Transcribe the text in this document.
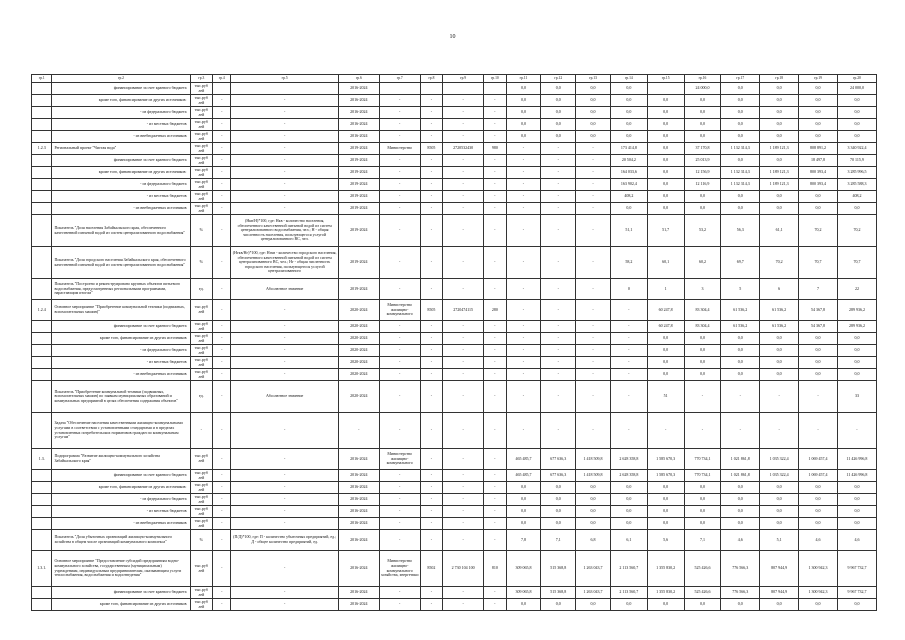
10
гр.1	гр.2	гр.3	гр.4	гр.5	гр.6	гр.7	гр.8	гр.9	гр.10	гр.11	гр.12	гр.13	гр.14	гр.15	гр.16	гр.17	гр.18	гр.19	гр.20
	финансирование за счет краевого бюджета	тыс.руб лей			2016-2024					0,0	0,0	0,0	0,0		24 000,0	0,0	0,0	0,0	24 000,0
	кроме того, финансирование из других источников:	тыс.руб лей	-	-	2016-2024	-	-	-	-	0,0	0,0	0,0	0,0	0,0	0,0	0,0	0,0	0,0	0,0
	- из федерального бюджета	тыс.руб лей	-	-	2016-2024	-	-	-	-	0,0	0,0	0,0	0,0	0,0	0,0	0,0	0,0	0,0	0,0
	- из местных бюджетов	тыс.руб лей	-	-	2016-2024	-	-	-	-	0,0	0,0	0,0	0,0	0,0	0,0	0,0	0,0	0,0	0,0
	- из внебюджетных источников	тыс.руб лей	-	-	2016-2024	-	-	-	-	0,0	0,0	0,0	0,0	0,0	0,0	0,0	0,0	0,0	0,0
1.2.3	Региональный проект "Чистая вода"	тыс.руб лей	-	-	2019-2024	Министерство	8505	2720532430	980	-	-	-	173 414,8	0,0	37 170,8	1 132 314,3	1 189 121,3	808 891,2	3 340 922,4
	финансирование за счет краевого бюджета	тыс.руб лей	-	-	2019-2024	-	-	-	-	-	-	-	20 504,2	0,0	25 013,9	0,0	0,0	18 497,8	70 115,9
	кроме того, финансирование из других источников:	тыс.руб лей	-	-	2019-2024	-	-	-	-	-	-	-	164 033,6	0,0	12 156,9	1 132 314,3	1 189 121,3	800 393,4	3 285 996,5
	- из федерального бюджета	тыс.руб лей	-	-	2019-2024	-	-	-	-	-	-	-	163 902,4	0,0	12 116,9	1 132 314,3	1 189 121,3	800 393,4	3 285 588,3
	- из местных бюджетов	тыс.руб лей	-	-	2019-2024	-	-	-	-	-	-	-	408,2	0,0	0,0	0,0	0,0	0,0	408,2
	- из внебюджетных источников	тыс.руб лей	-	-	2019-2024	-	-	-	-	-	-	-	0,0	0,0	0,0	0,0	0,0	0,0	0,0
	Показатель "Доля населения Забайкальского края, обеспеченного качественной питьевой водой из систем централизованного водоснабжения"	%	-	(Нкв/Н)*100, где: Нкв - количество населения, обеспеченного качественной питьевой водой из систем централизованного водоснабжения, чел.; Н - общая численность населения, пользующегося услугой централизованного ВС, чел.	2019-2024	-	-	-	-	-	-	-	51,1	51,7	53,2	56,3	61,1	70,2	70,2
	Показатель "Доля городского населения Забайкальского края, обеспеченного качественной питьевой водой из систем централизованного водоснабжения"	%	-	(Нгкв/Нг)*100, где: Нгкв - количество городского населения, обеспеченного качественной питьевой водой из систем централизованного ВС, чел.; Нг - общая численность городского населения, пользующегося услугой централизованного	2019-2024	-	-	-	-	-	-	-	58,2	60,1	60,2	69,7	70,2	70,7	70,7
	Показатель "Построено и реконструировано крупных объектов питьевого водоснабжения, предусмотренных региональными программами, нарастающим итогом"	ед.	-	Абсолютное значение	2019-2024	-	-	-	-	-	-	-	0	1	3	5	6	7	22
1.2.4	Основное мероприятие "Приобретение коммунальной техники (подвижных, вспомогательных машин)"	тыс.руб лей	-	-	2020-2024	Министерство жилищно-коммунального	8505	2720474115	280	-	-	-	-	60 247,8	83 304,4	61 536,2	61 536,2	54 367,8	289 936,2
	финансирование за счет краевого бюджета	тыс.руб лей	-	-	2020-2024	-	-	-	-	-	-	-	-	60 247,8	83 304,4	61 536,2	61 536,2	54 367,8	289 936,2
	кроме того, финансирование из других источников	тыс.руб лей	-	-	2020-2024	-	-	-	-	-	-	-	-	0,0	0,0	0,0	0,0	0,0	0,0
	- из федерального бюджета	тыс.руб лей	-	-	2020-2024	-	-	-	-	-	-	-	-	0,0	0,0	0,0	0,0	0,0	0,0
	- из местных бюджетов	тыс.руб лей	-	-	2020-2024	-	-	-	-	-	-	-	-	0,0	0,0	0,0	0,0	0,0	0,0
	- из внебюджетных источников	тыс.руб лей	-	-	2020-2024	-	-	-	-	-	-	-	-	0,0	0,0	0,0	0,0	0,0	0,0
	Показатель "Приобретение коммунальной техники (подвижных, вспомогательных машин) по заявкам муниципальных образований и коммунальных предприятий в целях обеспечения содержания объектов"	ед.	-	Абсолютное значение	2020-2024	-	-	-	-	-	-	-	-	51	-	-	-	-	33
	Задача "Обеспечение населения качественными жилищно-коммунальными услугами в соответствии с установленными стандартами и в пределах установленных потребительских нормативов граждан по коммунальным услугам"	-	-	-	-	-	-	-	-	-	-	-	-	-	-	-	-	-	-
1.3.	Подпрограмма "Развитие жилищно-коммунального хозяйства Забайкальского края"	тыс.руб лей	-	-	2016-2024	Министерство жилищно-коммунального	-	-	-	465 485,7	677 636,3	1 418 509,8	2 628 358,8	1 585 670,3	770 734,1	1 021 861,8	1 035 322,4	1 069 457,4	11 426 996,8
	финансирование за счет краевого бюджета	тыс.руб лей	-	-	2016-2024	-	-	-	-	465 485,7	677 636,3	1 418 509,8	2 628 358,8	1 585 670,3	770 734,1	1 021 861,8	1 035 322,4	1 069 457,4	11 426 996,8
	кроме того, финансирование из других источников:	тыс.руб лей	-	-	2016-2024	-	-	-	-	0,0	0,0	0,0	0,0	0,0	0,0	0,0	0,0	0,0	0,0
	- из федерального бюджета	тыс.руб лей	-	-	2016-2024	-	-	-	-	0,0	0,0	0,0	0,0	0,0	0,0	0,0	0,0	0,0	0,0
	- из местных бюджетов	тыс.руб лей	-	-	2016-2024	-	-	-	-	0,0	0,0	0,0	0,0	0,0	0,0	0,0	0,0	0,0	0,0
	- из внебюджетных источников	тыс.руб лей	-	-	2016-2024	-	-	-	-	0,0	0,0	0,0	0,0	0,0	0,0	0,0	0,0	0,0	0,0
	Показатель "Доля убыточных организаций жилищно-коммунального хозяйства в общем числе организаций коммунального комплекса"	%	-	(П/Д)*100, где: П - количество убыточных предприятий, ед.; Д - общее количество предприятий, ед.	2016-2024	-	-	-	-	7,8	7,1	6,8	6,1	5,6	7,1	4,6	5,1	4,6	4,6
1.3.1.	Основное мероприятие "Предоставление субсидий предприятиям водно-коммунального хозяйства, государственным (муниципальным) учреждениям, индивидуальным предпринимателям, оказывающим услуги теплоснабжения, водоснабжения и водоотведения"	тыс.руб лей	-	-	2016-2024	Министерство жилищно-коммунального хозяйства, энергетики	8502	2 730 104 100	810	309 065,8	515 368,8	1 263 043,7	2 113 560,7	1 355 830,2	525 426,6	776 566,3	807 944,9	1 300 942,3	9 967 732,7
	финансирование за счет краевого бюджета	тыс.руб лей	-	-	2016-2024	-	-	-	-	309 065,8	515 368,8	1 263 043,7	2 113 560,7	1 355 830,2	525 426,6	776 566,3	807 944,9	1 300 942,3	9 967 732,7
	кроме того, финансирование из других источников	тыс.руб лей	-	-	2016-2024	-	-	-	-	0,0	0,0	0,0	0,0	0,0	0,0	0,0	0,0	0,0	0,0
